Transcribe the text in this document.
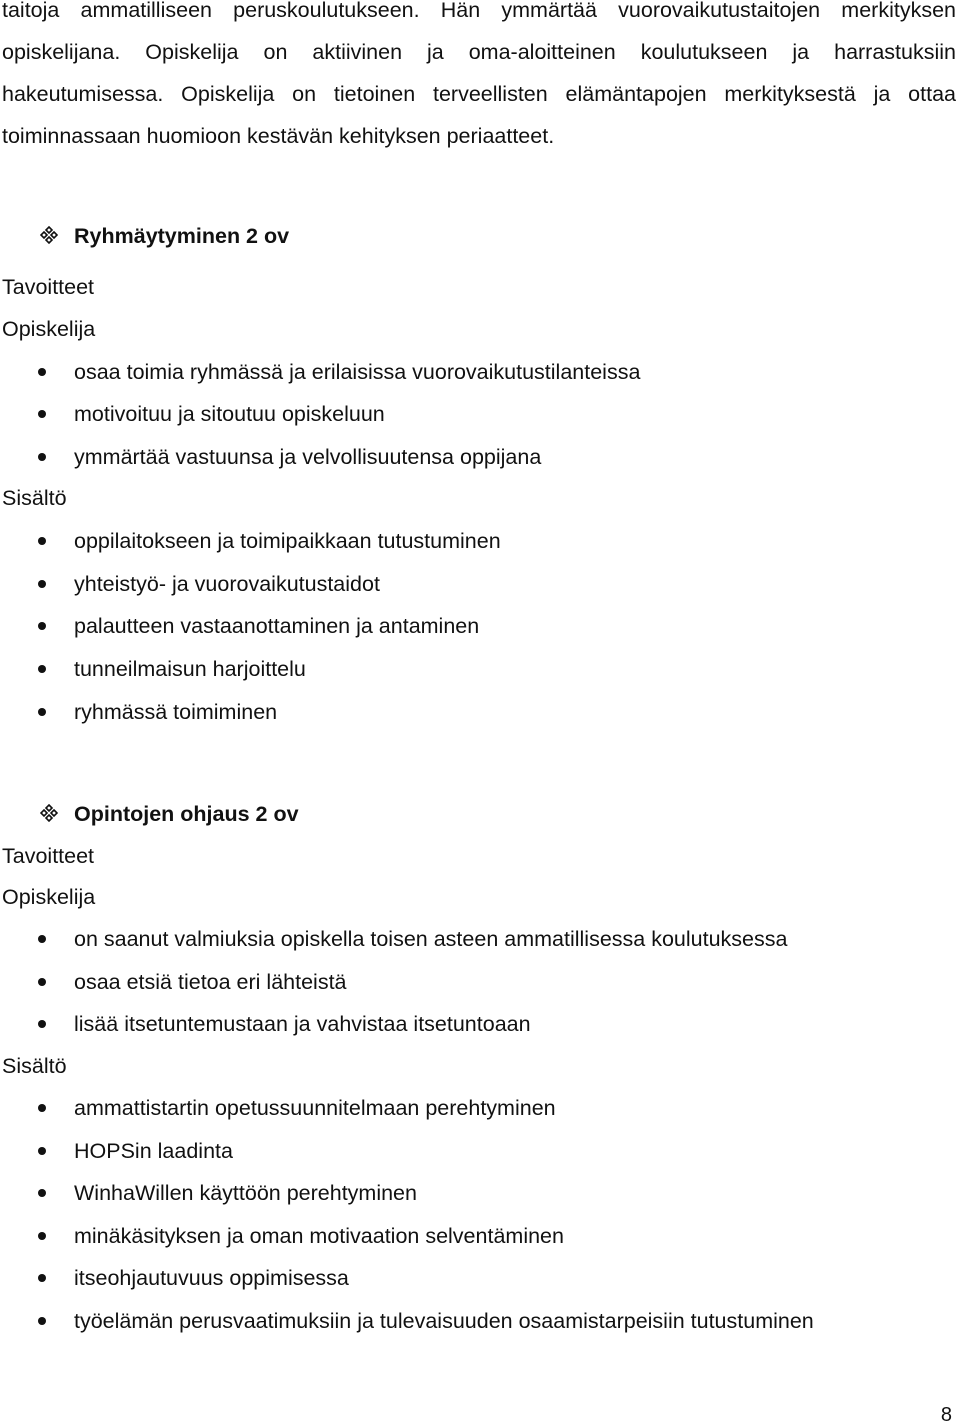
taitoja ammatilliseen peruskoulutukseen. Hän ymmärtää vuorovaikutustaitojen merkityksen
opiskelijana. Opiskelija on aktiivinen ja oma-aloitteinen koulutukseen ja harrastuksiin
hakeutumisessa. Opiskelija on tietoinen terveellisten elämäntapojen merkityksestä ja ottaa
toiminnassaan huomioon kestävän kehityksen periaatteet.
Ryhmäytyminen 2 ov
Tavoitteet
Opiskelija
osaa toimia ryhmässä ja erilaisissa vuorovaikutustilanteissa
motivoituu ja sitoutuu opiskeluun
ymmärtää vastuunsa ja velvollisuutensa oppijana
Sisältö
oppilaitokseen ja toimipaikkaan tutustuminen
yhteistyö- ja vuorovaikutustaidot
palautteen vastaanottaminen ja antaminen
tunneilmaisun harjoittelu
ryhmässä toimiminen
Opintojen ohjaus 2 ov
Tavoitteet
Opiskelija
on saanut valmiuksia opiskella toisen asteen ammatillisessa koulutuksessa
osaa etsiä tietoa eri lähteistä
lisää itsetuntemustaan ja vahvistaa itsetuntoaan
Sisältö
ammattistartin opetussuunnitelmaan perehtyminen
HOPSin laadinta
WinhaWillen käyttöön perehtyminen
minäkäsityksen ja oman motivaation selventäminen
itseohjautuvuus oppimisessa
työelämän perusvaatimuksiin ja tulevaisuuden osaamistarpeisiin tutustuminen
8
